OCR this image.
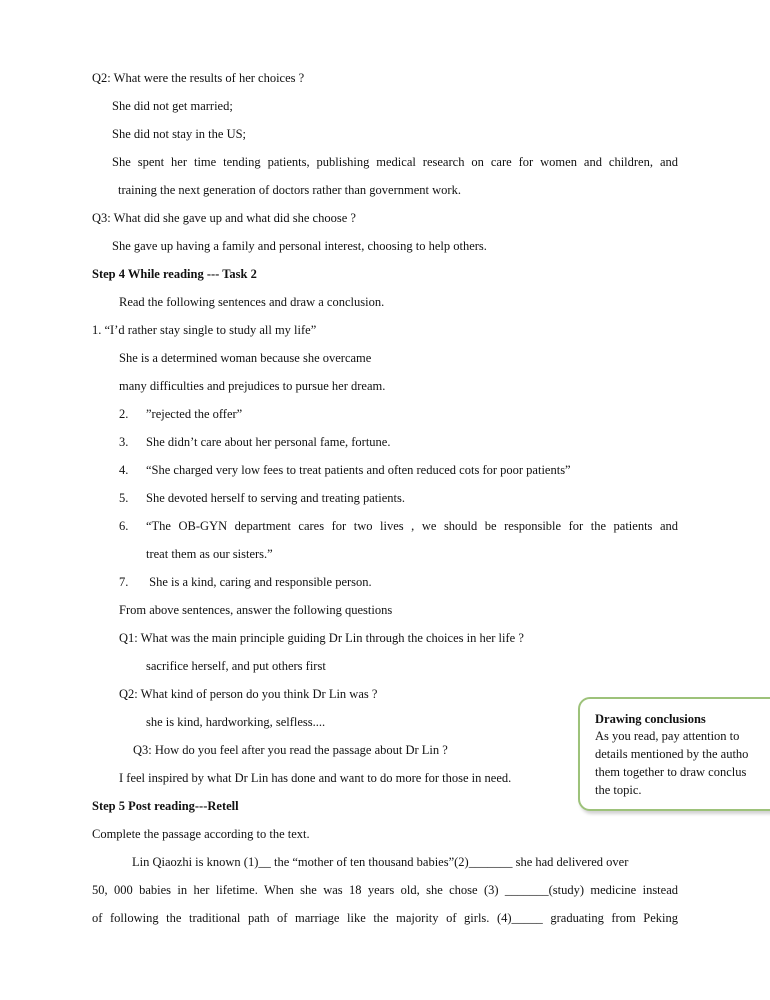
Q2: What were the results of her choices ?
She did not get married;
She did not stay in the US;
She spent her time tending patients, publishing medical research on care for women and children, and
training the next generation of doctors rather than government work.
Q3: What did she gave up and what did she choose ?
She gave up having a family and personal interest, choosing to help others.
Step 4 While reading --- Task 2
Read the following sentences and draw a conclusion.
1. “I’d rather stay single to study all my life”
She is a determined woman because she overcame
many difficulties and prejudices to pursue her dream.
2. ”rejected the offer”
3. She didn’t care about her personal fame, fortune.
4. “She charged very low fees to treat patients and often reduced cots for poor patients”
5. She devoted herself to serving and treating patients.
6. “The OB-GYN department cares for two lives , we should be responsible for the patients and
treat them as our sisters.”
7. She is a kind, caring and responsible person.
From above sentences, answer the following questions
Q1: What was the main principle guiding Dr Lin through the choices in her life ?
sacrifice herself, and put others first
Q2: What kind of person do you think Dr Lin was ?
she is kind, hardworking, selfless....
Q3: How do you feel after you read the passage about Dr Lin ?
I feel inspired by what Dr Lin has done and want to do more for those in need.
Step 5 Post reading---Retell
Complete the passage according to the text.
Lin Qiaozhi is known (1)__ the “mother of ten thousand babies”(2)_______ she had delivered over
50, 000 babies in her lifetime. When she was 18 years old, she chose (3) _______(study) medicine instead
of following the traditional path of marriage like the majority of girls. (4)_____ graduating from Peking
Drawing conclusions
As you read, pay attention to
details mentioned by the autho
them together to draw conclus
the topic.
